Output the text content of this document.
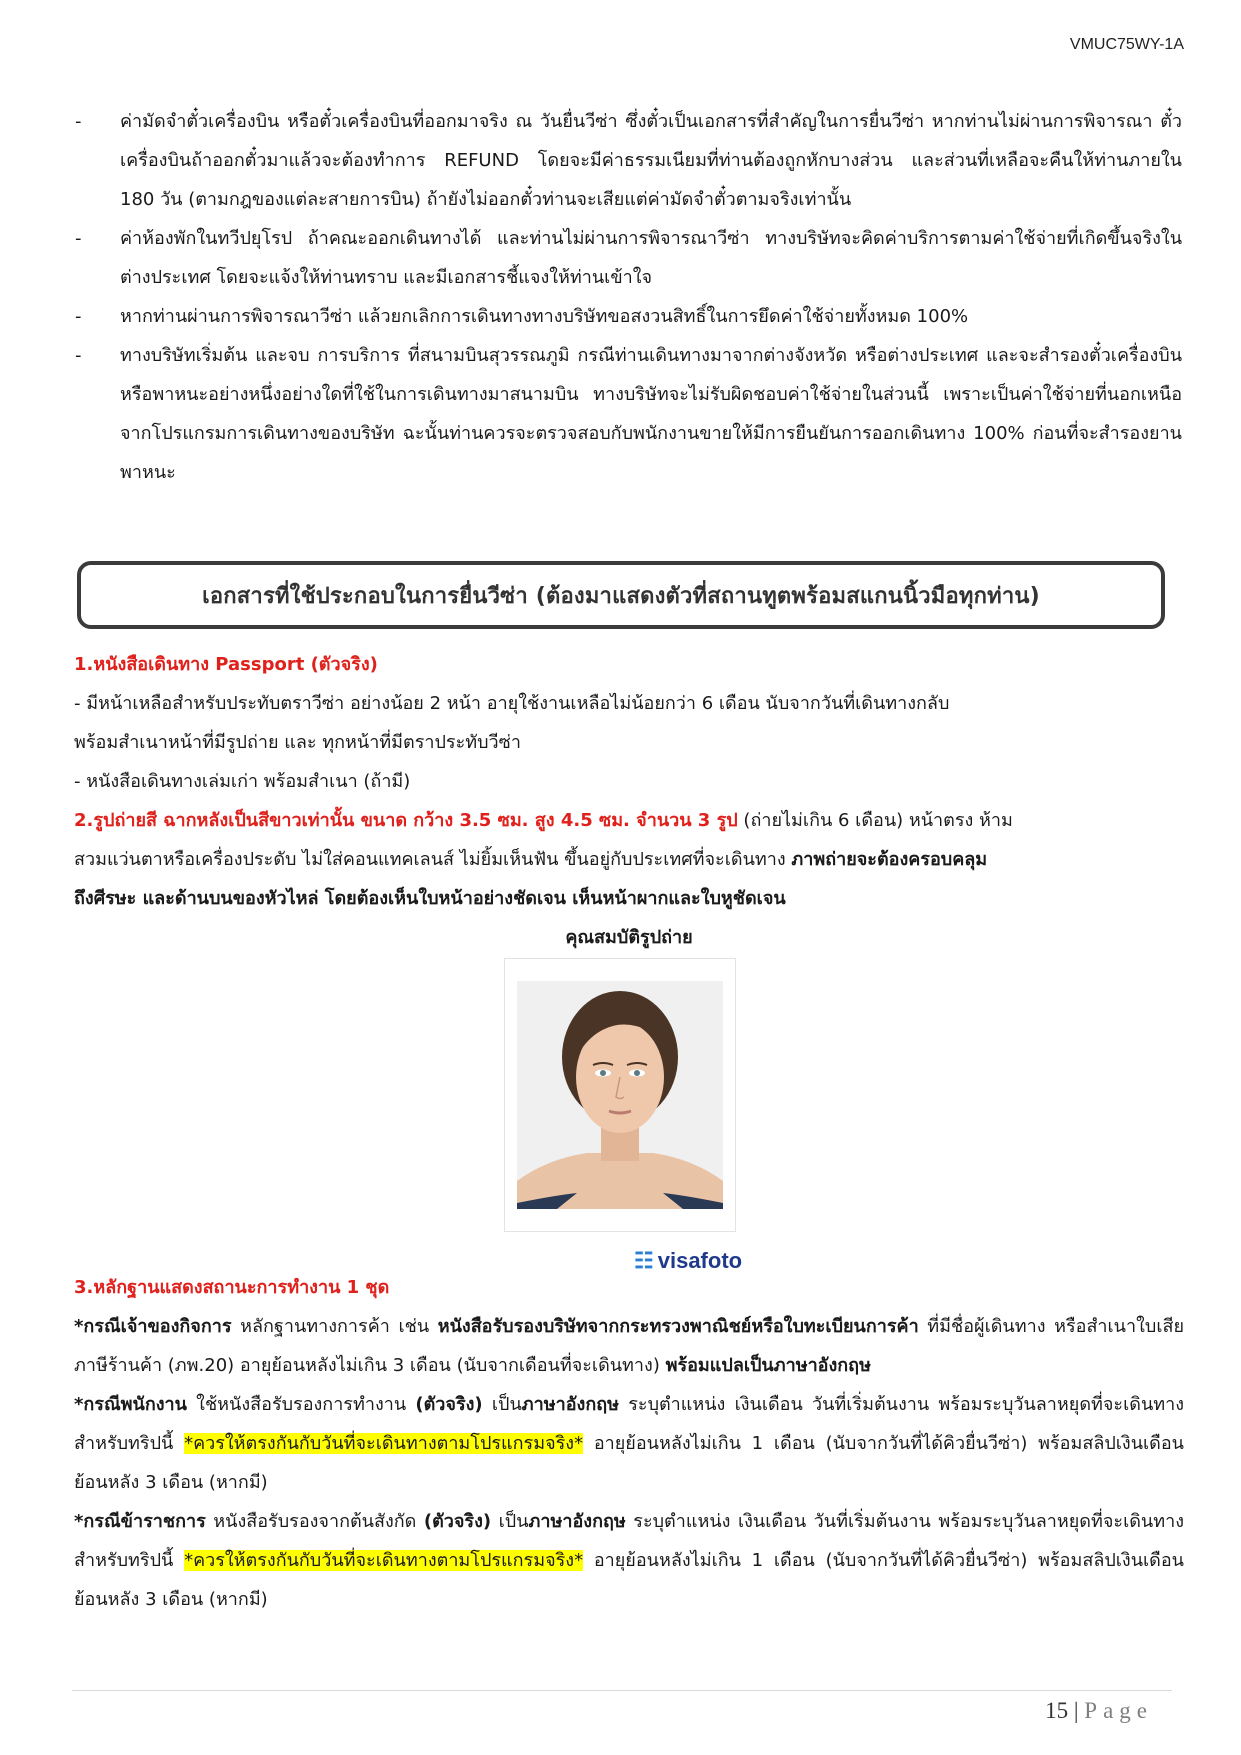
VMUC75WY-1A
- ค่ามัดจำตั๋วเครื่องบิน หรือตั๋วเครื่องบินที่ออกมาจริง ณ วันยื่นวีซ่า ซึ่งตั๋วเป็นเอกสารที่สำคัญในการยื่นวีซ่า หากท่านไม่ผ่านการพิจารณา ตั๋วเครื่องบินถ้าออกตั๋วมาแล้วจะต้องทำการ REFUND โดยจะมีค่าธรรมเนียมที่ท่านต้องถูกหักบางส่วน และส่วนที่เหลือจะคืนให้ท่านภายใน 180 วัน (ตามกฎของแต่ละสายการบิน) ถ้ายังไม่ออกตั๋วท่านจะเสียแต่ค่ามัดจำตั๋วตามจริงเท่านั้น
- ค่าห้องพักในทวีปยุโรป ถ้าคณะออกเดินทางได้ และท่านไม่ผ่านการพิจารณาวีซ่า ทางบริษัทจะคิดค่าบริการตามค่าใช้จ่ายที่เกิดขึ้นจริงในต่างประเทศ โดยจะแจ้งให้ท่านทราบ และมีเอกสารชี้แจงให้ท่านเข้าใจ
- หากท่านผ่านการพิจารณาวีซ่า แล้วยกเลิกการเดินทางทางบริษัทขอสงวนสิทธิ์ในการยึดค่าใช้จ่ายทั้งหมด 100%
- ทางบริษัทเริ่มต้น และจบ การบริการ ที่สนามบินสุวรรณภูมิ กรณีท่านเดินทางมาจากต่างจังหวัด หรือต่างประเทศ และจะสำรองตั๋วเครื่องบิน หรือพาหนะอย่างหนึ่งอย่างใดที่ใช้ในการเดินทางมาสนามบิน ทางบริษัทจะไม่รับผิดชอบค่าใช้จ่ายในส่วนนี้ เพราะเป็นค่าใช้จ่ายที่นอกเหนือจากโปรแกรมการเดินทางของบริษัท ฉะนั้นท่านควรจะตรวจสอบกับพนักงานขายให้มีการยืนยันการออกเดินทาง 100% ก่อนที่จะสำรองยานพาหนะ
เอกสารที่ใช้ประกอบในการยื่นวีซ่า (ต้องมาแสดงตัวที่สถานทูตพร้อมสแกนนิ้วมือทุกท่าน)

1.หนังสือเดินทาง Passport (ตัวจริง)

- มีหน้าเหลือสำหรับประทับตราวีซ่า อย่างน้อย 2 หน้า อายุใช้งานเหลือไม่น้อยกว่า 6 เดือน นับจากวันที่เดินทางกลับ

พร้อมสำเนาหน้าที่มีรูปถ่าย และ ทุกหน้าที่มีตราประทับวีซ่า

- หนังสือเดินทางเล่มเก่า พร้อมสำเนา (ถ้ามี)

2.รูปถ่ายสี ฉากหลังเป็นสีขาวเท่านั้น ขนาด กว้าง 3.5 ซม. สูง 4.5 ซม. จำนวน 3 รูป (ถ่ายไม่เกิน 6 เดือน) หน้าตรง ห้าม

สวมแว่นตาหรือเครื่องประดับ ไม่ใส่คอนแทคเลนส์ ไม่ยิ้มเห็นฟัน ขึ้นอยู่กับประเทศที่จะเดินทาง ภาพถ่ายจะต้องครอบคลุม

ถึงศีรษะ และด้านบนของหัวไหล่ โดยต้องเห็นใบหน้าอย่างชัดเจน เห็นหน้าผากและใบหูชัดเจน

คุณสมบัติรูปถ่าย

☷ visafoto

3.หลักฐานแสดงสถานะการทำงาน 1 ชุด

*กรณีเจ้าของกิจการ หลักฐานทางการค้า เช่น หนังสือรับรองบริษัทจากกระทรวงพาณิชย์หรือใบทะเบียนการค้า ที่มีชื่อผู้เดินทาง หรือสำเนาใบเสียภาษีร้านค้า (ภพ.20) อายุย้อนหลังไม่เกิน 3 เดือน (นับจากเดือนที่จะเดินทาง) พร้อมแปลเป็นภาษาอังกฤษ

*กรณีพนักงาน ใช้หนังสือรับรองการทำงาน (ตัวจริง) เป็นภาษาอังกฤษ ระบุตำแหน่ง เงินเดือน วันที่เริ่มต้นงาน พร้อมระบุวันลาหยุดที่จะเดินทางสำหรับทริปนี้ *ควรให้ตรงกันกับวันที่จะเดินทางตามโปรแกรมจริง* อายุย้อนหลังไม่เกิน 1 เดือน (นับจากวันที่ได้คิวยื่นวีซ่า) พร้อมสลิปเงินเดือนย้อนหลัง 3 เดือน (หากมี)

*กรณีข้าราชการ หนังสือรับรองจากต้นสังกัด (ตัวจริง) เป็นภาษาอังกฤษ ระบุตำแหน่ง เงินเดือน วันที่เริ่มต้นงาน พร้อมระบุวันลาหยุดที่จะเดินทางสำหรับทริปนี้ *ควรให้ตรงกันกับวันที่จะเดินทางตามโปรแกรมจริง* อายุย้อนหลังไม่เกิน 1 เดือน (นับจากวันที่ได้คิวยื่นวีซ่า) พร้อมสลิปเงินเดือนย้อนหลัง 3 เดือน (หากมี)

15 | Page
